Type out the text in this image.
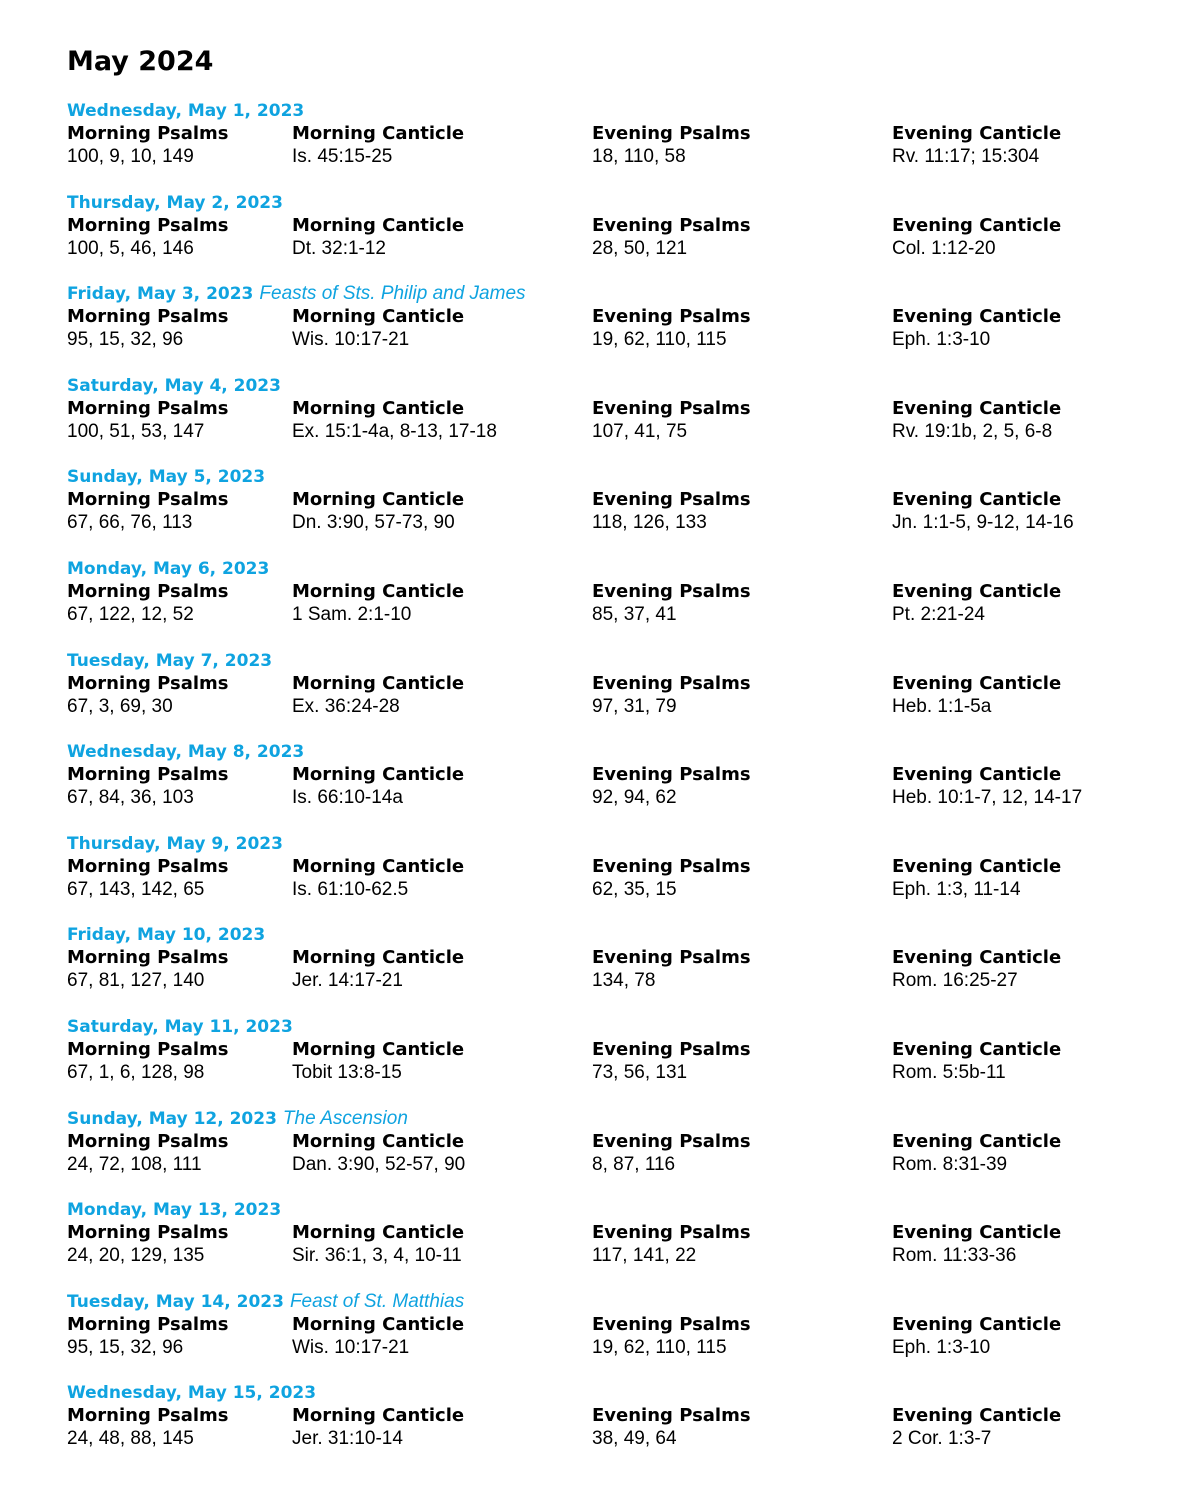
May 2024
Wednesday, May 1, 2023
Morning Psalms	Morning Canticle	Evening Psalms	Evening Canticle
100, 9, 10, 149	Is. 45:15-25	18, 110, 58	Rv. 11:17; 15:304
Thursday, May 2, 2023
Morning Psalms	Morning Canticle	Evening Psalms	Evening Canticle
100, 5, 46, 146	Dt. 32:1-12	28, 50, 121	Col. 1:12-20
Friday, May 3, 2023 Feasts of Sts. Philip and James
Morning Psalms	Morning Canticle	Evening Psalms	Evening Canticle
95, 15, 32, 96	Wis. 10:17-21	19, 62, 110, 115	Eph. 1:3-10
Saturday, May 4, 2023
Morning Psalms	Morning Canticle	Evening Psalms	Evening Canticle
100, 51, 53, 147	Ex. 15:1-4a, 8-13, 17-18	107, 41, 75	Rv. 19:1b, 2, 5, 6-8
Sunday, May 5, 2023
Morning Psalms	Morning Canticle	Evening Psalms	Evening Canticle
67, 66, 76, 113	Dn. 3:90, 57-73, 90	118, 126, 133	Jn. 1:1-5, 9-12, 14-16
Monday, May 6, 2023
Morning Psalms	Morning Canticle	Evening Psalms	Evening Canticle
67, 122, 12, 52	1 Sam. 2:1-10	85, 37, 41	Pt. 2:21-24
Tuesday, May 7, 2023
Morning Psalms	Morning Canticle	Evening Psalms	Evening Canticle
67, 3, 69, 30	Ex. 36:24-28	97, 31, 79	Heb. 1:1-5a
Wednesday, May 8, 2023
Morning Psalms	Morning Canticle	Evening Psalms	Evening Canticle
67, 84, 36, 103	Is. 66:10-14a	92, 94, 62	Heb. 10:1-7, 12, 14-17
Thursday, May 9, 2023
Morning Psalms	Morning Canticle	Evening Psalms	Evening Canticle
67, 143, 142, 65	Is. 61:10-62.5	62, 35, 15	Eph. 1:3, 11-14
Friday, May 10, 2023
Morning Psalms	Morning Canticle	Evening Psalms	Evening Canticle
67, 81, 127, 140	Jer. 14:17-21	134, 78	Rom. 16:25-27
Saturday, May 11, 2023
Morning Psalms	Morning Canticle	Evening Psalms	Evening Canticle
67, 1, 6, 128, 98	Tobit 13:8-15	73, 56, 131	Rom. 5:5b-11
Sunday, May 12, 2023 The Ascension
Morning Psalms	Morning Canticle	Evening Psalms	Evening Canticle
24, 72, 108, 111	Dan. 3:90, 52-57, 90	8, 87, 116	Rom. 8:31-39
Monday, May 13, 2023
Morning Psalms	Morning Canticle	Evening Psalms	Evening Canticle
24, 20, 129, 135	Sir. 36:1, 3, 4, 10-11	117, 141, 22	Rom. 11:33-36
Tuesday, May 14, 2023 Feast of St. Matthias
Morning Psalms	Morning Canticle	Evening Psalms	Evening Canticle
95, 15, 32, 96	Wis. 10:17-21	19, 62, 110, 115	Eph. 1:3-10
Wednesday, May 15, 2023
Morning Psalms	Morning Canticle	Evening Psalms	Evening Canticle
24, 48, 88, 145	Jer. 31:10-14	38, 49, 64	2 Cor. 1:3-7
